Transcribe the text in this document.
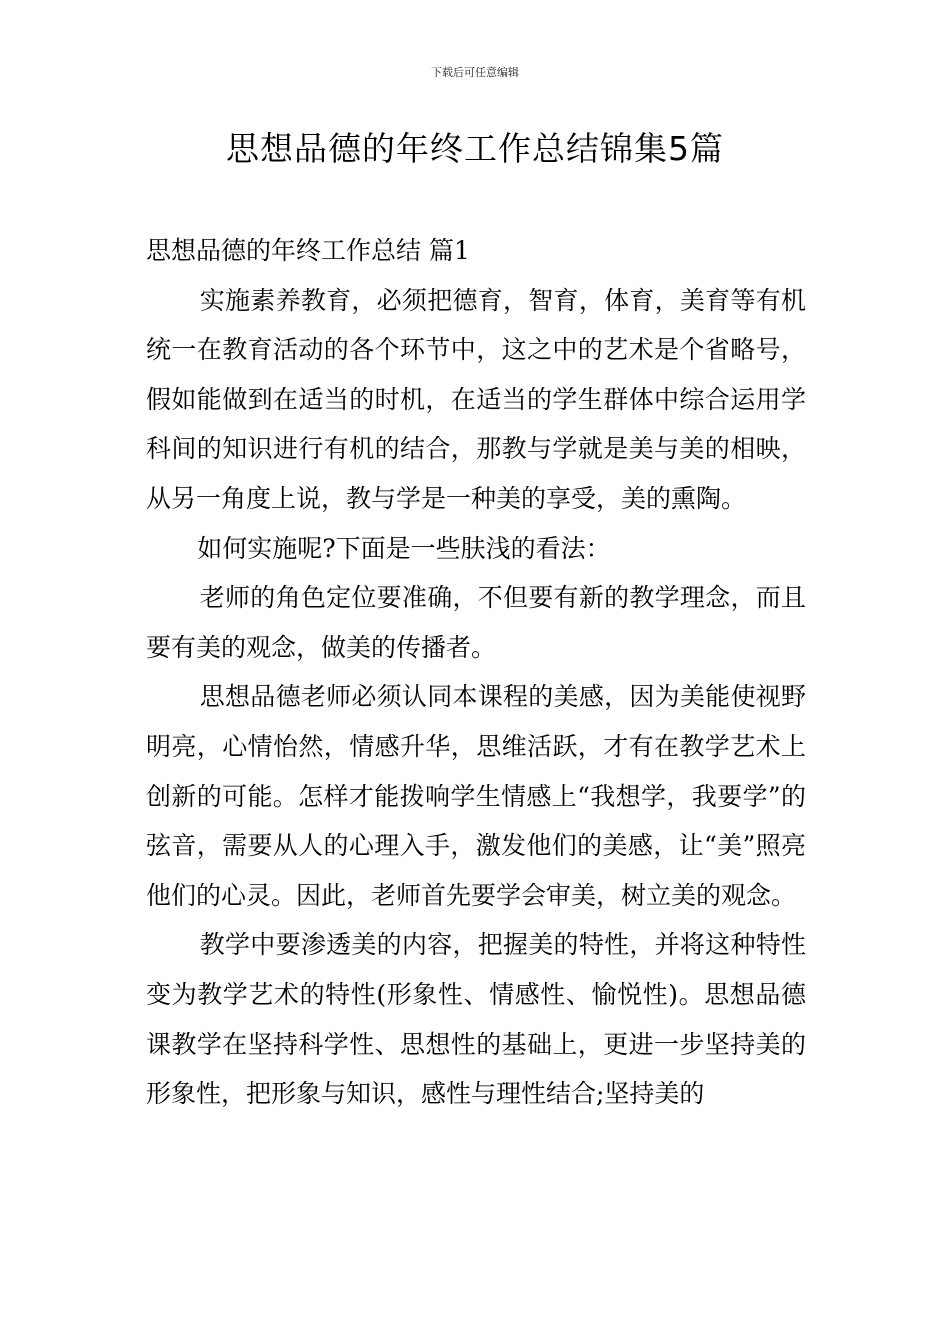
下载后可任意编辑
思想品德的年终工作总结锦集5篇

思想品德的年终工作总结 篇1

实施素养教育，必须把德育，智育，体育，美育等有机统一在教育活动的各个环节中，这之中的艺术是个省略号，假如能做到在适当的时机，在适当的学生群体中综合运用学科间的知识进行有机的结合，那教与学就是美与美的相映，从另一角度上说，教与学是一种美的享受，美的熏陶。

如何实施呢?下面是一些肤浅的看法：

老师的角色定位要准确，不但要有新的教学理念，而且要有美的观念，做美的传播者。

思想品德老师必须认同本课程的美感，因为美能使视野明亮，心情怡然，情感升华，思维活跃，才有在教学艺术上创新的可能。怎样才能拨响学生情感上“我想学，我要学”的弦音，需要从人的心理入手，激发他们的美感，让“美”照亮他们的心灵。因此，老师首先要学会审美，树立美的观念。

教学中要渗透美的内容，把握美的特性，并将这种特性变为教学艺术的特性(形象性、情感性、愉悦性)。思想品德课教学在坚持科学性、思想性的基础上，更进一步坚持美的形象性，把形象与知识，感性与理性结合;坚持美的
